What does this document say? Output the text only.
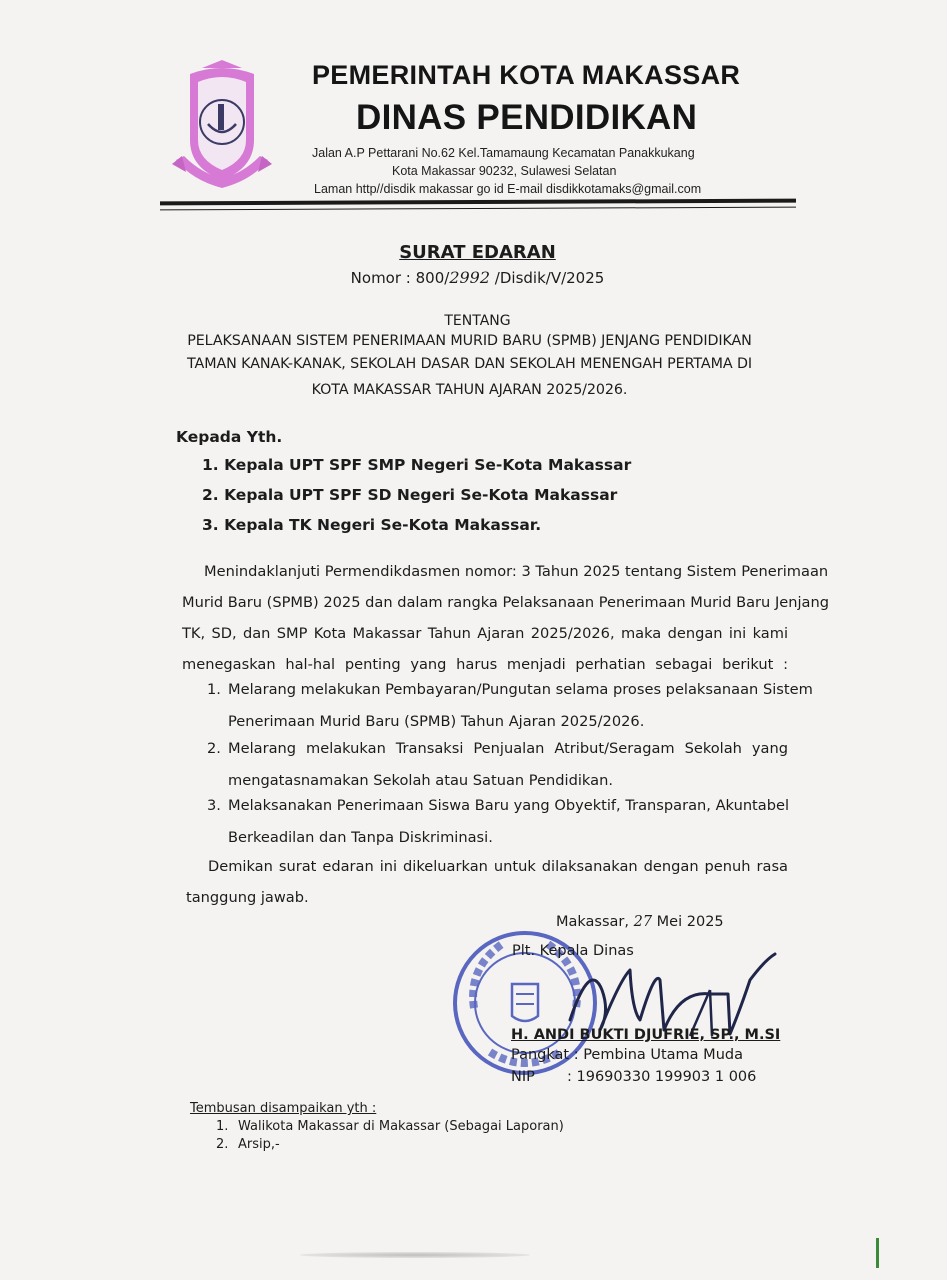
PEMERINTAH KOTA MAKASSAR
DINAS PENDIDIKAN
Jalan A.P Pettarani No.62 Kel.Tamamaung Kecamatan Panakkukang
Kota Makassar 90232, Sulawesi Selatan
Laman http//disdik makassar go id E-mail disdikkotamaks@gmail.com
SURAT EDARAN
Nomor : 800/2992 /Disdik/V/2025
TENTANG
PELAKSANAAN SISTEM PENERIMAAN MURID BARU (SPMB) JENJANG PENDIDIKAN
TAMAN KANAK-KANAK, SEKOLAH DASAR DAN SEKOLAH MENENGAH PERTAMA DI
KOTA MAKASSAR TAHUN AJARAN 2025/2026.
Kepada Yth.
1. Kepala UPT SPF SMP Negeri Se-Kota Makassar
2. Kepala UPT SPF SD Negeri Se-Kota Makassar
3. Kepala TK Negeri Se-Kota Makassar.
Menindaklanjuti Permendikdasmen nomor: 3 Tahun 2025 tentang Sistem Penerimaan
Murid Baru (SPMB) 2025 dan dalam rangka Pelaksanaan Penerimaan Murid Baru Jenjang
TK, SD, dan SMP Kota Makassar Tahun Ajaran 2025/2026, maka dengan ini kami
menegaskan hal-hal penting yang harus menjadi perhatian sebagai berikut :
1. Melarang melakukan Pembayaran/Pungutan selama proses pelaksanaan Sistem
Penerimaan Murid Baru (SPMB) Tahun Ajaran 2025/2026.
2. Melarang melakukan Transaksi Penjualan Atribut/Seragam Sekolah yang
mengatasnamakan Sekolah atau Satuan Pendidikan.
3. Melaksanakan Penerimaan Siswa Baru yang Obyektif, Transparan, Akuntabel
Berkeadilan dan Tanpa Diskriminasi.
Demikan surat edaran ini dikeluarkan untuk dilaksanakan dengan penuh rasa
tanggung jawab.
Makassar, 27 Mei 2025
Plt. Kepala Dinas
H. ANDI BUKTI DJUFRIE, SP., M.SI
Pangkat : Pembina Utama Muda
NIP : 19690330 199903 1 006
Tembusan disampaikan yth :
1. Walikota Makassar di Makassar (Sebagai Laporan)
2. Arsip,-
